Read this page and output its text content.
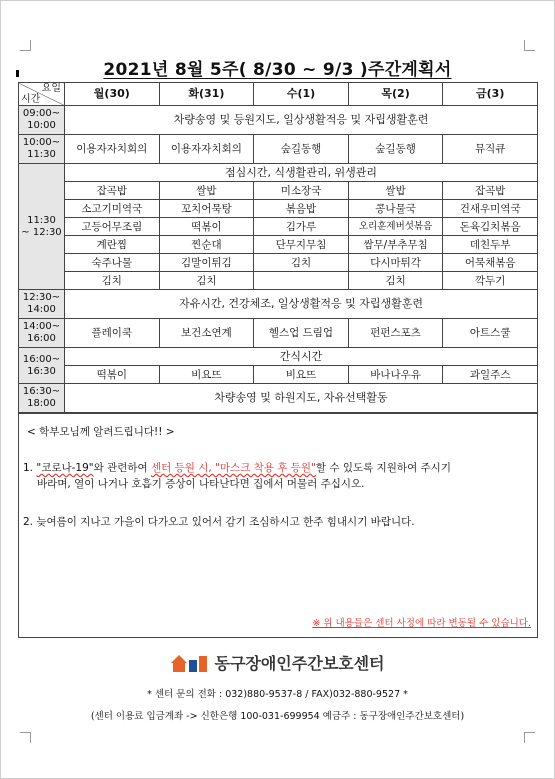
2021년 8월 5주( 8/30 ~ 9/3 )주간계획서
요일
시간	월(30)	화(31)	수(1)	목(2)	금(3)

09:00~
10:00	차량송영 및 등원지도, 일상생활적응 및 자립생활훈련				

10:00~
11:30	이용자자치회의	이용자자치회의	숲길동행	숲길동행	뮤직큐

11:30
~ 12:30	점심시간, 식생활관리, 위생관리				
	잡곡밥	쌀밥	미소장국	쌀밥	잡곡밥
	소고기미역국	꼬치어묵탕	볶음밥	콩나물국	건새우미역국
	고등어무조림	떡볶이	김가루	오리훈제버섯볶음	돈육김치볶음
	계란찜	찐순대	단무지무침	쌈무/부추무침	데친두부
	숙주나물	김말이튀김	김치	다시마튀각	어묵채볶음
	김치	김치		김치	깍두기

12:30~
14:00	자유시간, 건강체조, 일상생활적응 및 자립생활훈련				

14:00~
16:00	플레이쿡	보건소연계	헬스업 드림업	펀펀스포츠	아트스쿨

16:00~
16:30	간식시간				
	떡볶이	비요뜨	비요뜨	바나나우유	과일주스

16:30~
18:00	차량송영 및 하원지도, 자유선택활동				
< 학부모님께 알려드립니다!! >
1. "코로나-19"와 관련하여 센터 등원 시, "마스크 착용 후 등원"할 수 있도록 지원하여 주시기
바라며, 열이 나거나 호흡기 증상이 나타난다면 집에서 머물러 주십시오.
2. 늦여름이 지나고 가을이 다가오고 있어서 감기 조심하시고 한주 힘내시기 바랍니다.
※ 위 내용들은 센터 사정에 따라 변동될 수 있습니다.
동구장애인주간보호센터
* 센터 문의 전화 : 032)880-9537-8 / FAX)032-880-9527 *
(센터 이용료 입금계좌 -> 신한은행 100-031-699954 예금주 : 동구장애인주간보호센터)
